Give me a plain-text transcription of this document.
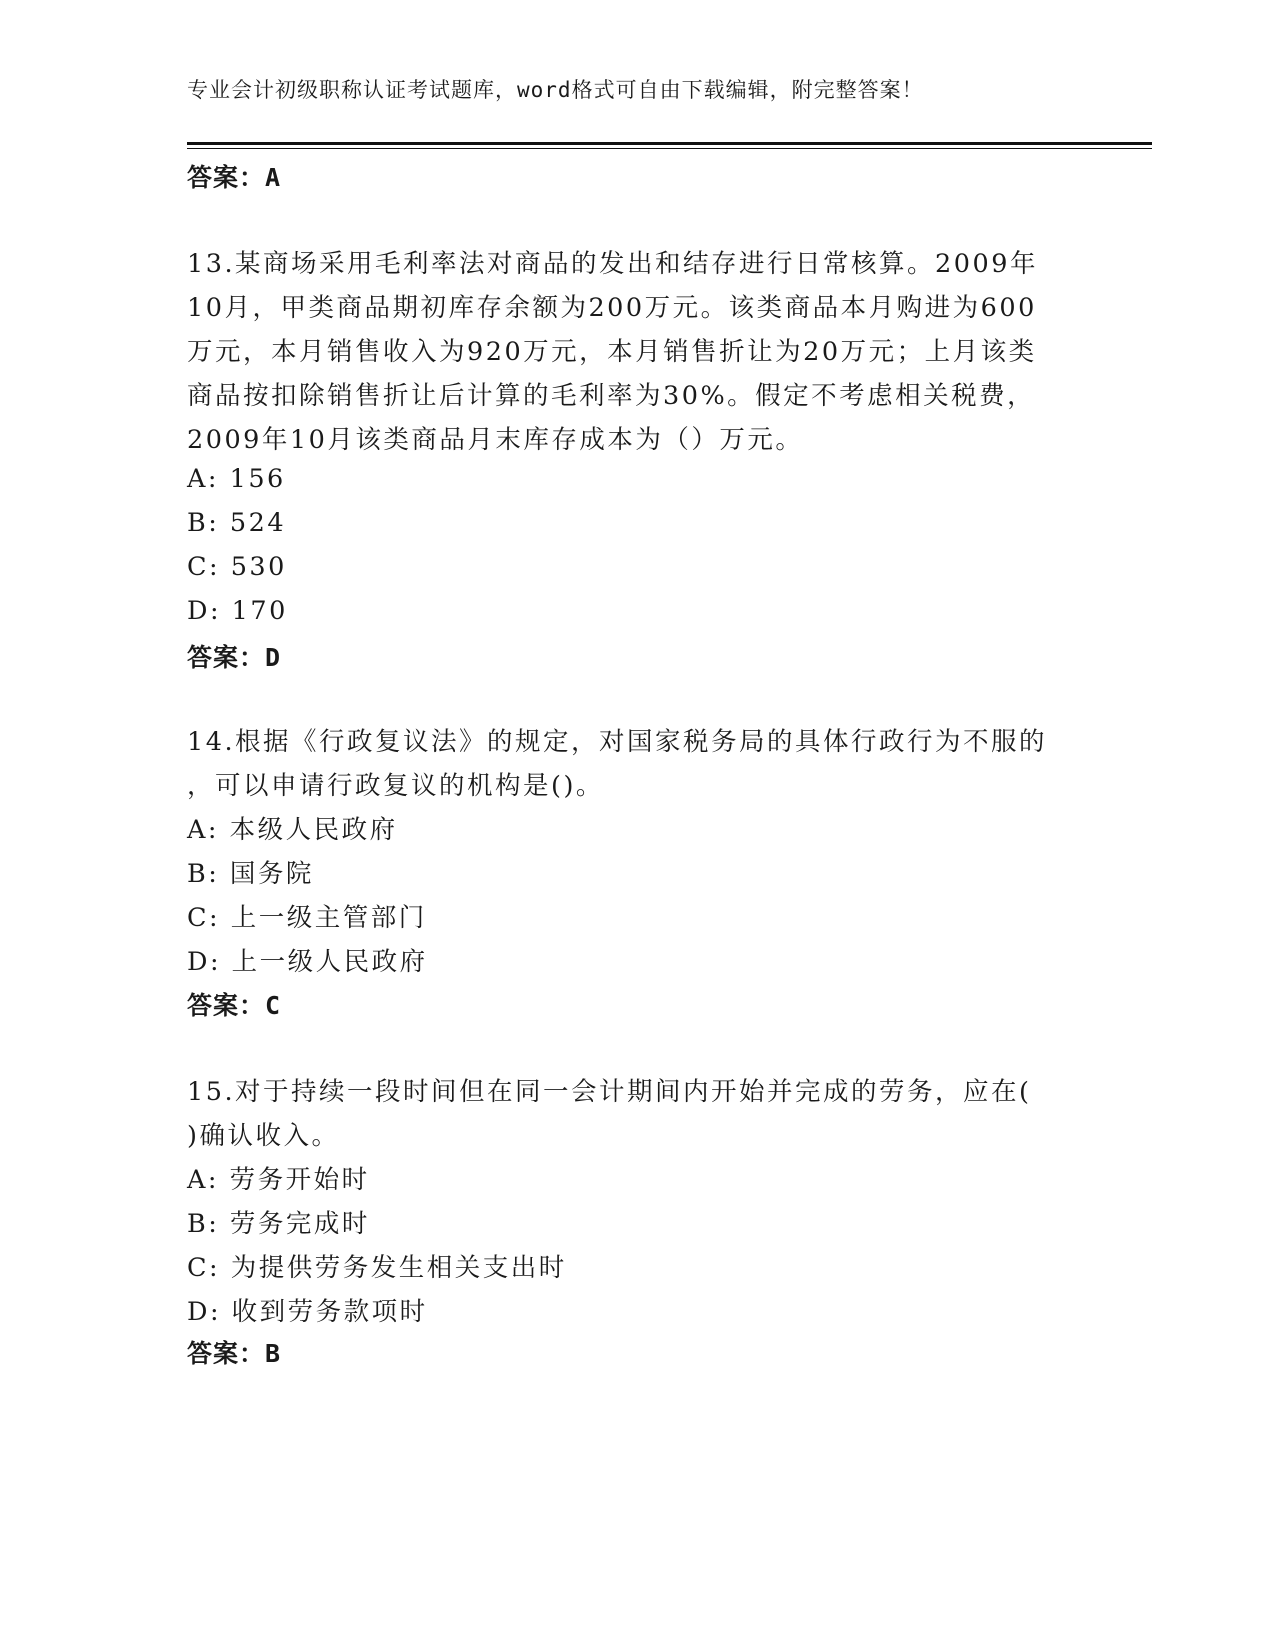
专业会计初级职称认证考试题库，word格式可自由下载编辑，附完整答案！
答案：A
13.某商场采用毛利率法对商品的发出和结存进行日常核算。2009年
10月，甲类商品期初库存余额为200万元。该类商品本月购进为600
万元，本月销售收入为920万元，本月销售折让为20万元；上月该类
商品按扣除销售折让后计算的毛利率为30%。假定不考虑相关税费，
2009年10月该类商品月末库存成本为（）万元。
A: 156
B: 524
C: 530
D: 170
答案：D
14.根据《行政复议法》的规定，对国家税务局的具体行政行为不服的
，可以申请行政复议的机构是()。
A: 本级人民政府
B: 国务院
C: 上一级主管部门
D: 上一级人民政府
答案：C
15.对于持续一段时间但在同一会计期间内开始并完成的劳务，应在(
)确认收入。
A: 劳务开始时
B: 劳务完成时
C: 为提供劳务发生相关支出时
D: 收到劳务款项时
答案：B
